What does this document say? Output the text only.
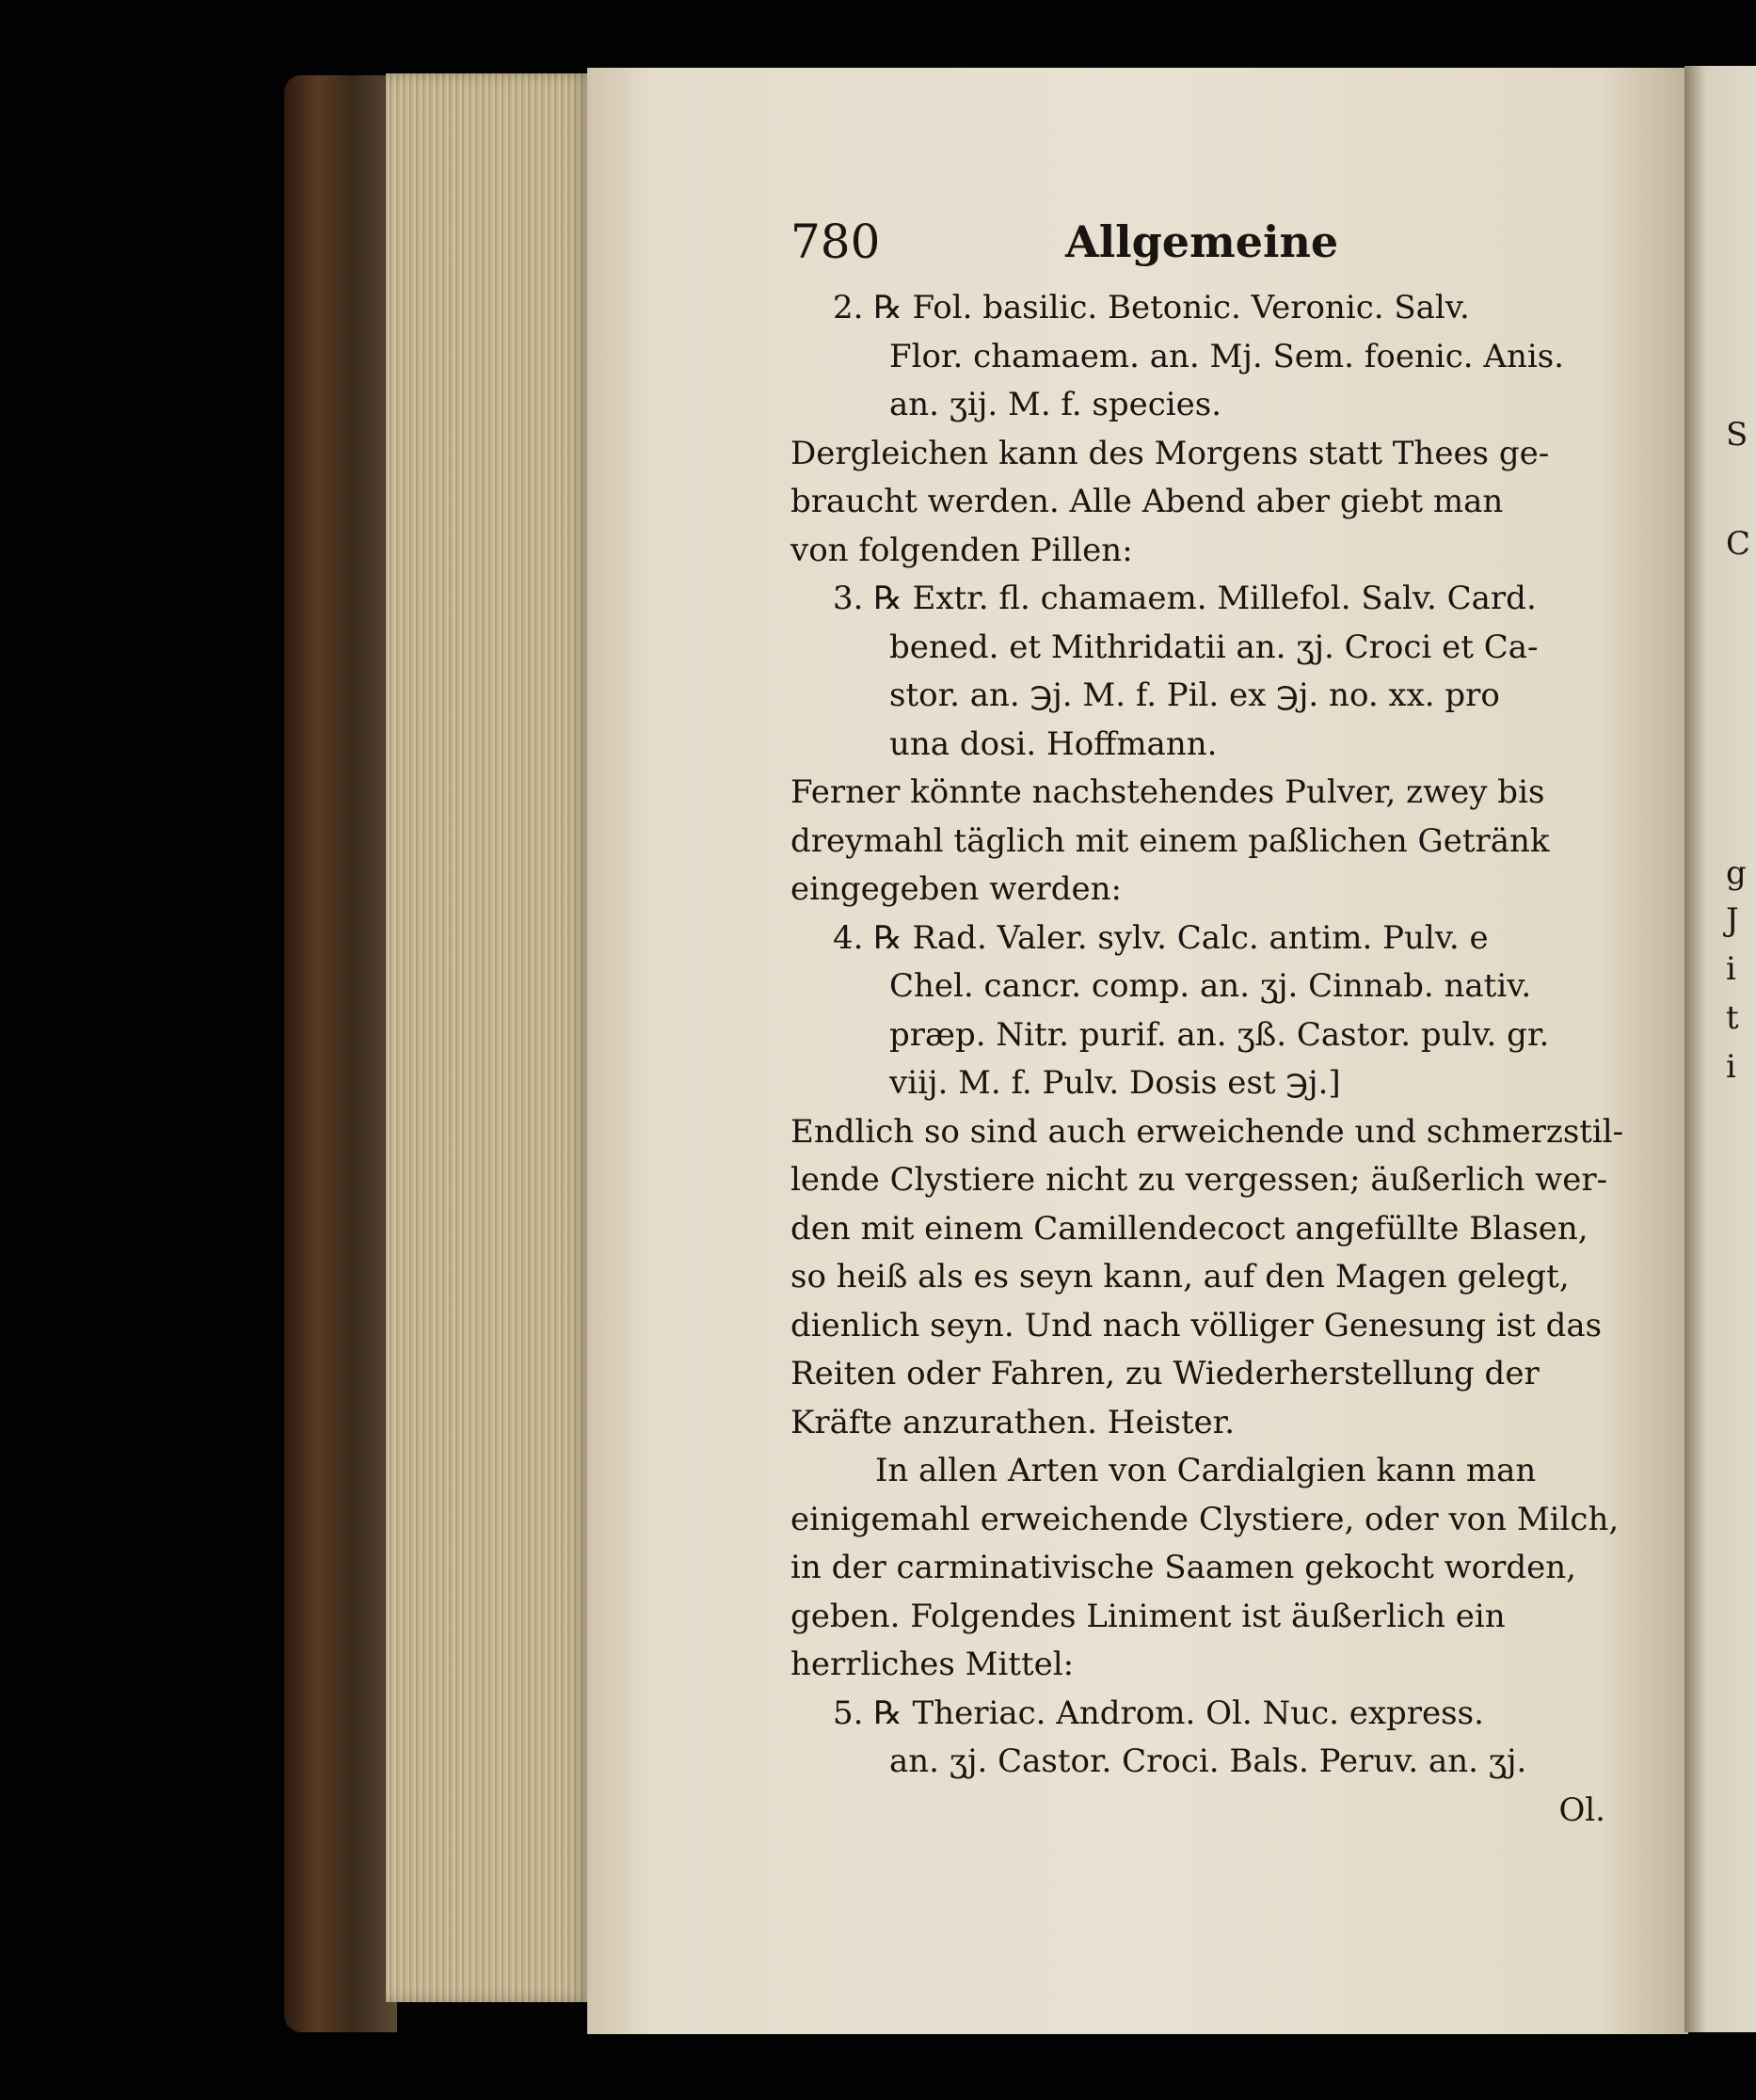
S
C
g
J
i
t
i
780	Allgemeine
2. ℞ Fol. basilic. Betonic. Veronic. Salv.
Flor. chamaem. an. Mj. Sem. foenic. Anis.
an. ʒij. M. f. species.
Dergleichen kann des Morgens statt Thees ge-
braucht werden. Alle Abend aber giebt man
von folgenden Pillen:
3. ℞ Extr. fl. chamaem. Millefol. Salv. Card.
bened. et Mithridatii an. ʒj. Croci et Ca-
stor. an. ℈j. M. f. Pil. ex ℈j. no. xx. pro
una dosi. Hoffmann.
Ferner könnte nachstehendes Pulver, zwey bis
dreymahl täglich mit einem paßlichen Getränk
eingegeben werden:
4. ℞ Rad. Valer. sylv. Calc. antim. Pulv. e
Chel. cancr. comp. an. ʒj. Cinnab. nativ.
præp. Nitr. purif. an. ʒß. Castor. pulv. gr.
viij. M. f. Pulv. Dosis est ℈j.]
Endlich so sind auch erweichende und schmerzstil-
lende Clystiere nicht zu vergessen; äußerlich wer-
den mit einem Camillendecoct angefüllte Blasen,
so heiß als es seyn kann, auf den Magen gelegt,
dienlich seyn. Und nach völliger Genesung ist das
Reiten oder Fahren, zu Wiederherstellung der
Kräfte anzurathen. Heister.
In allen Arten von Cardialgien kann man
einigemahl erweichende Clystiere, oder von Milch,
in der carminativische Saamen gekocht worden,
geben. Folgendes Liniment ist äußerlich ein
herrliches Mittel:
5. ℞ Theriac. Androm. Ol. Nuc. express.
an. ʒj. Castor. Croci. Bals. Peruv. an. ʒj.
Ol.
